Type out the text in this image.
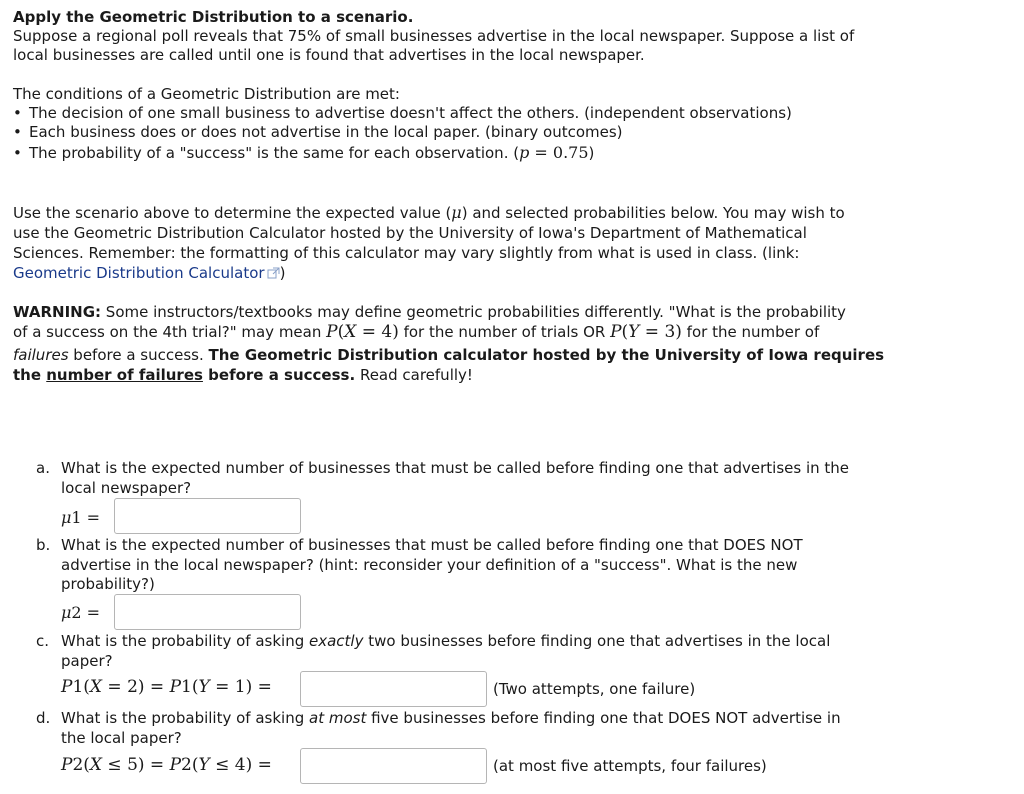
Apply the Geometric Distribution to a scenario.
Suppose a regional poll reveals that 75% of small businesses advertise in the local newspaper. Suppose a list of
local businesses are called until one is found that advertises in the local newspaper.
The conditions of a Geometric Distribution are met:
• The decision of one small business to advertise doesn't affect the others. (independent observations)
• Each business does or does not advertise in the local paper. (binary outcomes)
• The probability of a "success" is the same for each observation. (p = 0.75)
Use the scenario above to determine the expected value (μ) and selected probabilities below. You may wish to
use the Geometric Distribution Calculator hosted by the University of Iowa's Department of Mathematical
Sciences. Remember: the formatting of this calculator may vary slightly from what is used in class. (link:
Geometric Distribution Calculator )
WARNING: Some instructors/textbooks may define geometric probabilities differently. "What is the probability
of a success on the 4th trial?" may mean P(X = 4) for the number of trials OR P(Y = 3) for the number of
failures before a success. The Geometric Distribution calculator hosted by the University of Iowa requires
the number of failures before a success. Read carefully!
a. What is the expected number of businesses that must be called before finding one that advertises in the
local newspaper?
μ1 =
b. What is the expected number of businesses that must be called before finding one that DOES NOT
advertise in the local newspaper? (hint: reconsider your definition of a "success". What is the new
probability?)
μ2 =
c. What is the probability of asking exactly two businesses before finding one that advertises in the local
paper?
P1(X = 2) = P1(Y = 1) =	(Two attempts, one failure)
d. What is the probability of asking at most five businesses before finding one that DOES NOT advertise in
the local paper?
P2(X ≤ 5) = P2(Y ≤ 4) =	(at most five attempts, four failures)
